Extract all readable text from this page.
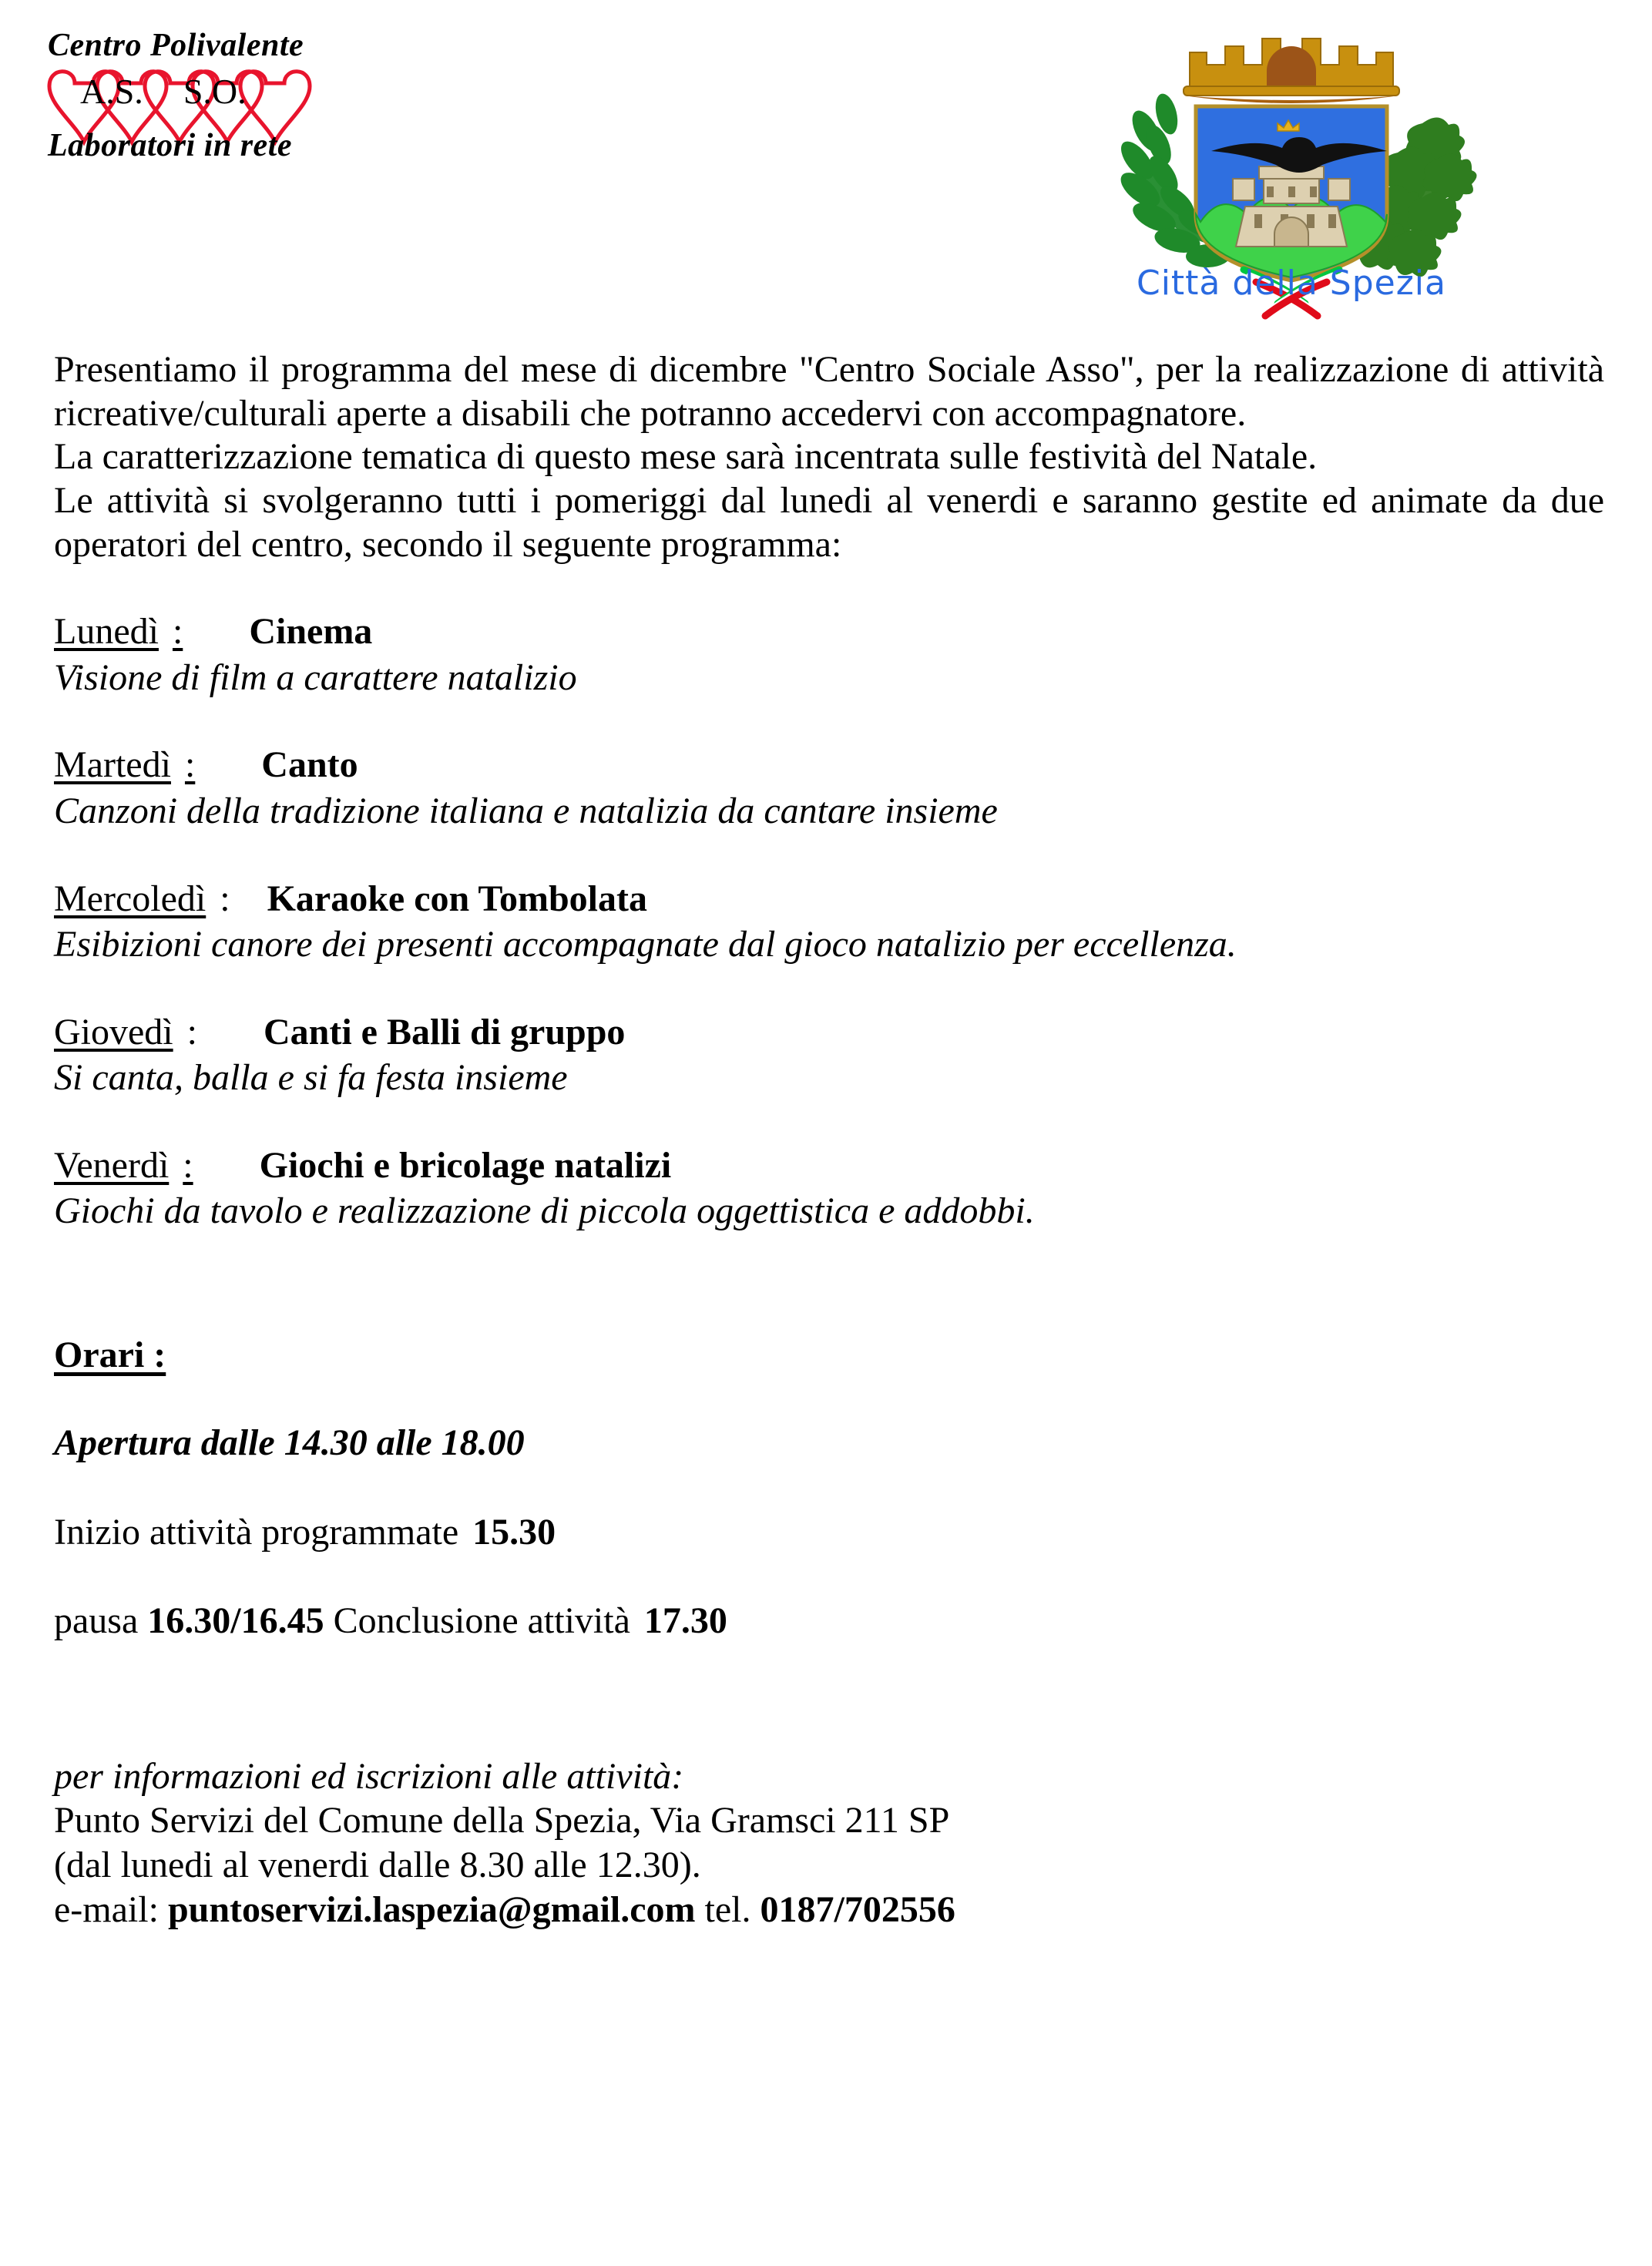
Centro Polivalente
A.S. S.O.
Laboratori in rete
Città della Spezia

Presentiamo il programma del mese di dicembre "Centro Sociale Asso", per la realizzazione di attività ricreative/culturali aperte a disabili che potranno accedervi con accompagnatore.

La caratterizzazione tematica di questo mese sarà incentrata sulle festività del Natale.

Le attività si svolgeranno tutti i pomeriggi dal lunedi al venerdi e saranno gestite ed animate da due operatori del centro, secondo il seguente programma:

Lunedì : Cinema
Visione di film a carattere natalizio
Martedì : Canto
Canzoni della tradizione italiana e natalizia da cantare insieme
Mercoledì : Karaoke con Tombolata
Esibizioni canore dei presenti accompagnate dal gioco natalizio per eccellenza.
Giovedì : Canti e Balli di gruppo
Si canta, balla e si fa festa insieme
Venerdì : Giochi e bricolage natalizi
Giochi da tavolo e realizzazione di piccola oggettistica e addobbi.
Orari :
Apertura dalle 14.30 alle 18.00
Inizio attività programmate 15.30
pausa 16.30/16.45 Conclusione attività 17.30
per informazioni ed iscrizioni alle attività:
Punto Servizi del Comune della Spezia, Via Gramsci 211 SP
(dal lunedi al venerdi dalle 8.30 alle 12.30).
e-mail: puntoservizi.laspezia@gmail.com tel. 0187/702556
